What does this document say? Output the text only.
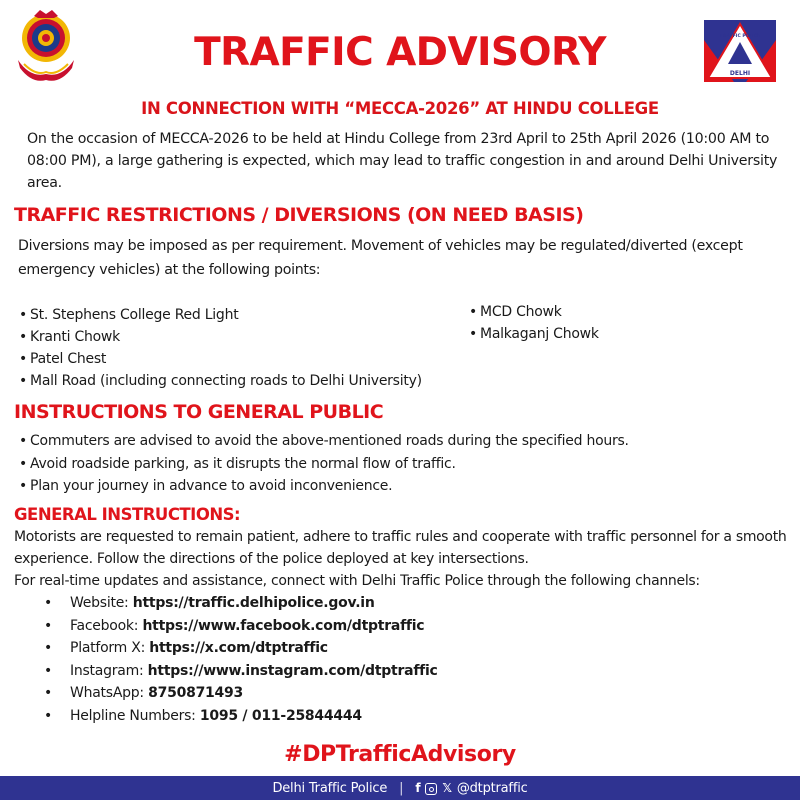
DELHI
TRAFFIC POLICE
TRAFFIC ADVISORY
IN CONNECTION WITH “MECCA-2026” AT HINDU COLLEGE
On the occasion of MECCA-2026 to be held at Hindu College from 23rd April to 25th April 2026 (10:00 AM to 08:00 PM), a large gathering is expected, which may lead to traffic congestion in and around Delhi University area.
TRAFFIC RESTRICTIONS / DIVERSIONS (ON NEED BASIS)
Diversions may be imposed as per requirement. Movement of vehicles may be regulated/diverted (except emergency vehicles) at the following points:
• St. Stephens College Red Light
• Kranti Chowk
• Patel Chest
• Mall Road (including connecting roads to Delhi University)
• MCD Chowk
• Malkaganj Chowk
INSTRUCTIONS TO GENERAL PUBLIC
• Commuters are advised to avoid the above-mentioned roads during the specified hours.
• Avoid roadside parking, as it disrupts the normal flow of traffic.
• Plan your journey in advance to avoid inconvenience.
GENERAL INSTRUCTIONS:
Motorists are requested to remain patient, adhere to traffic rules and cooperate with traffic personnel for a smooth experience. Follow the directions of the police deployed at key intersections.
For real-time updates and assistance, connect with Delhi Traffic Police through the following channels:
• Website: https://traffic.delhipolice.gov.in
• Facebook: https://www.facebook.com/dtptraffic
• Platform X: https://x.com/dtptraffic
• Instagram: https://www.instagram.com/dtptraffic
• WhatsApp: 8750871493
• Helpline Numbers: 1095 / 011-25844444
#DPTrafficAdvisory
Delhi Traffic Police | f 𝕏 @dtptraffic
